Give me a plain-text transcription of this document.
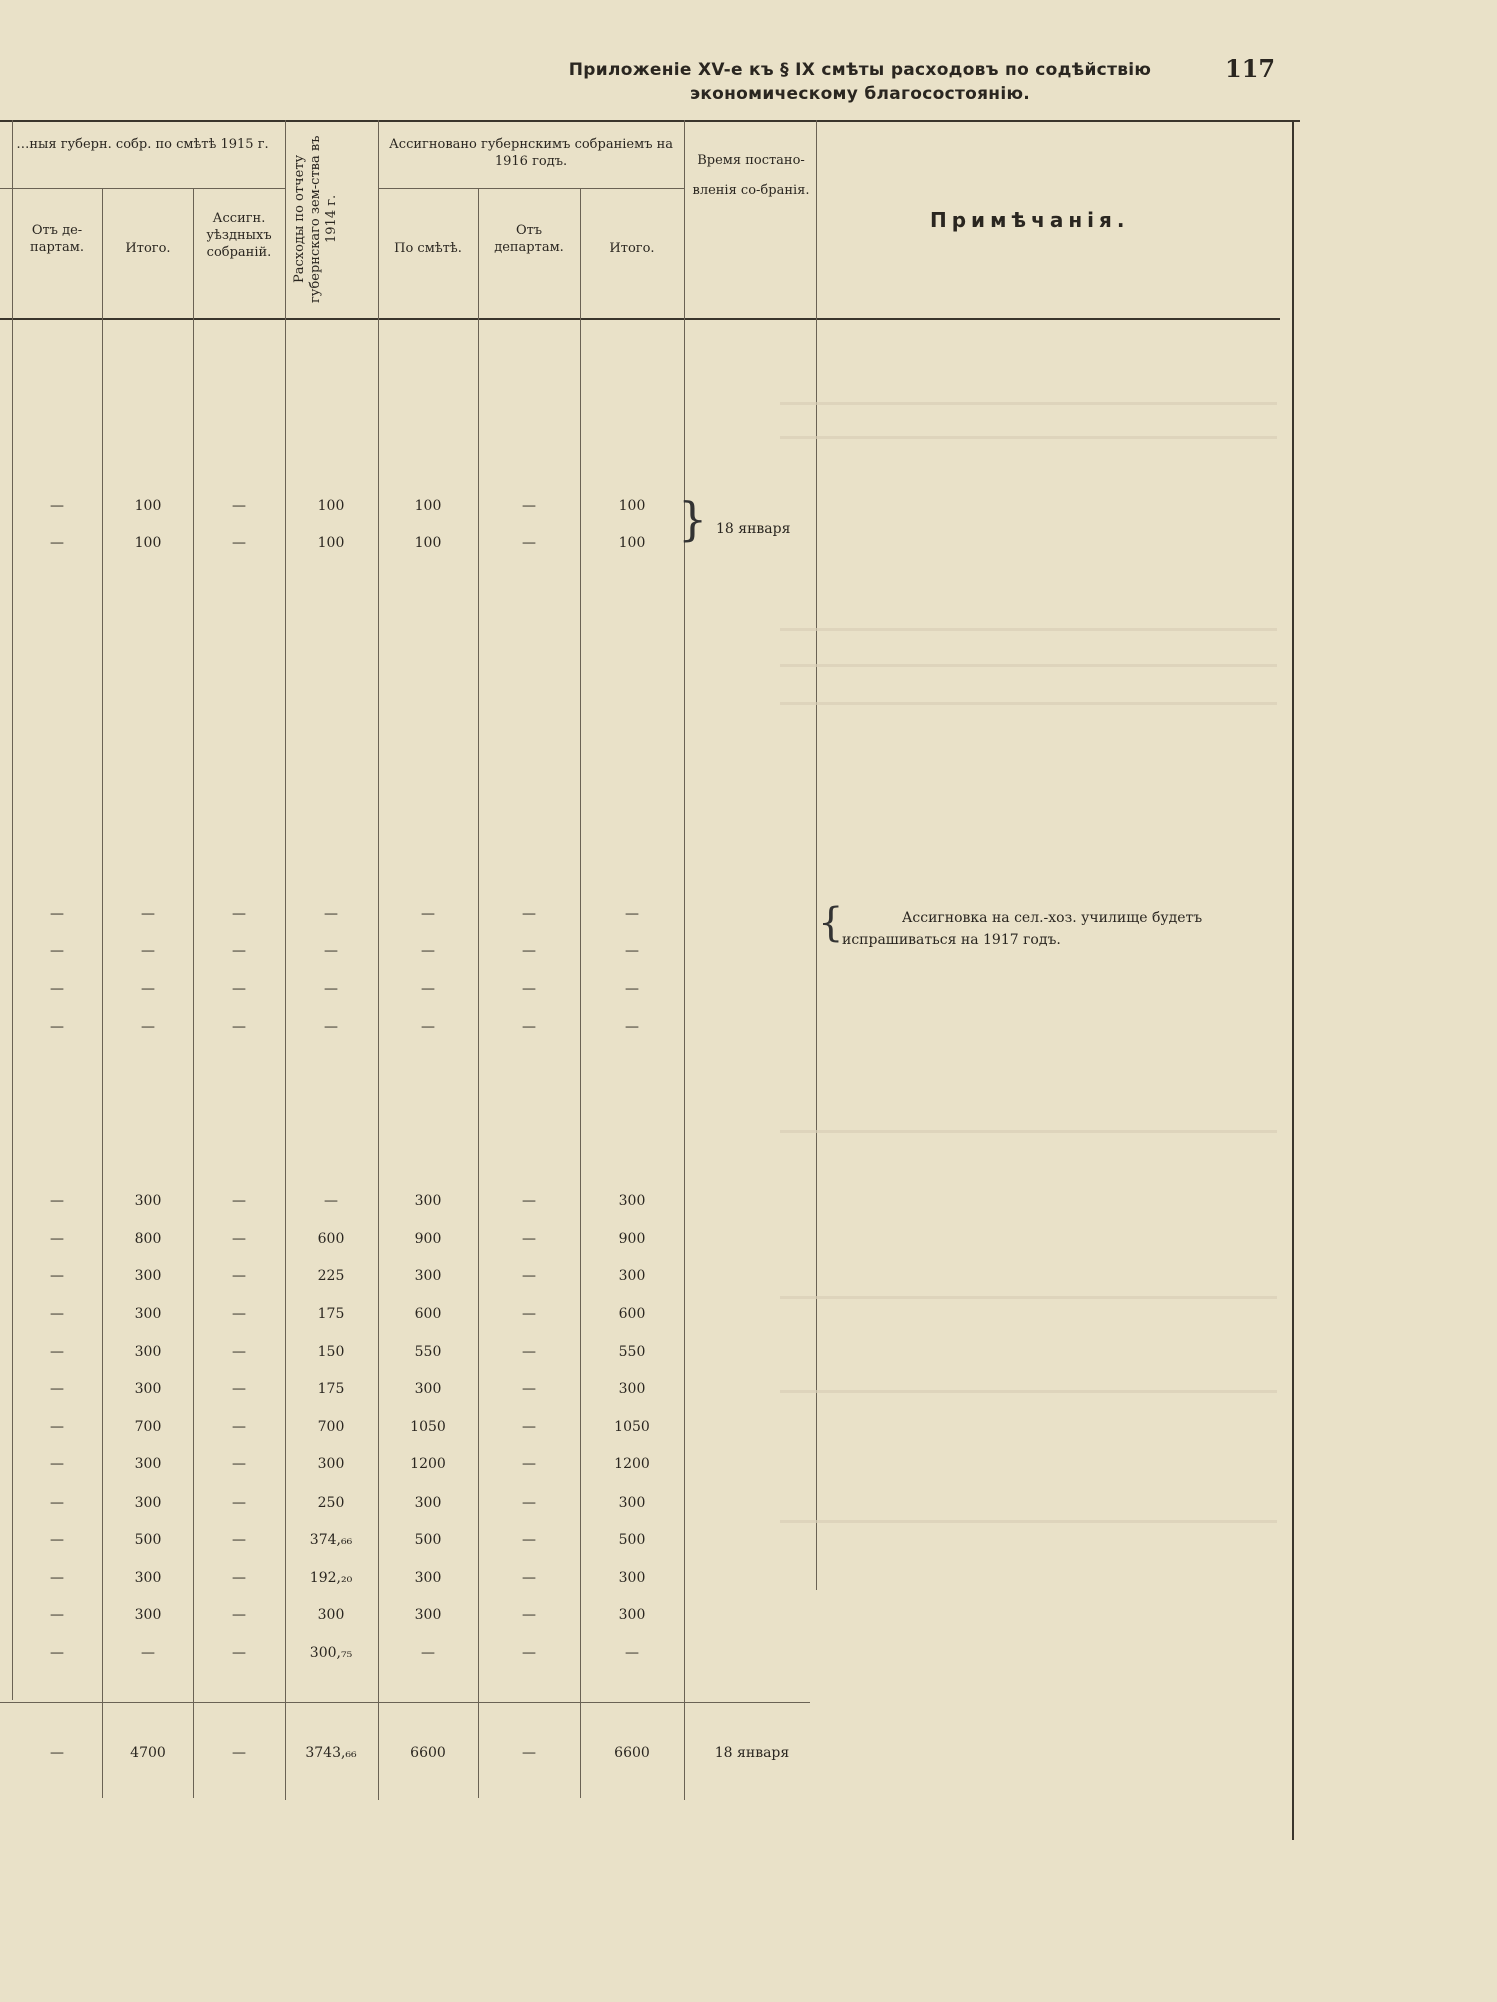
Приложеніе XV-е къ § IX смѣты расходовъ по содѣйствію
экономическому благосостоянію.
117
…ныя губерн. собр. по смѣтѣ 1915 г.
Отъ де-партам.	Итого.
Ассигн. уѣздныхъ собраній.	Расходы по отчету губернскаго зем-ства въ 1914 г.
Ассигновано губернскимъ собраніемъ на 1916 годъ.
По смѣтѣ.
Отъ департам.	Итого.
Время постано-вленія со-бранія.
Примѣчанія.
—	100	—	100	100	—	100
—	100	—	100	100	—	100
—	—	—	—	—	—	—
—	—	—	—	—	—	—
—	—	—	—	—	—	—
—	—	—	—	—	—	—
—	300	—	—	300	—	300
—	800	—	600	900	—	900
—	300	—	225	300	—	300
—	300	—	175	600	—	600
—	300	—	150	550	—	550
—	300	—	175	300	—	300
—	700	—	700	1050	—	1050
—	300	—	300	1200	—	1200
—	300	—	250	300	—	300
—	500	—	374,₆₆	500	—	500
—	300	—	192,₂₀	300	—	300
—	300	—	300	300	—	300
—	—	—	300,₇₅	—	—	—
—	4700	—	3743,₆₆	6600	—	6600
} 18 января
{	Ассигновка на сел.-хоз. училище будетъ
испрашиваться на 1917 годъ.
18 января
